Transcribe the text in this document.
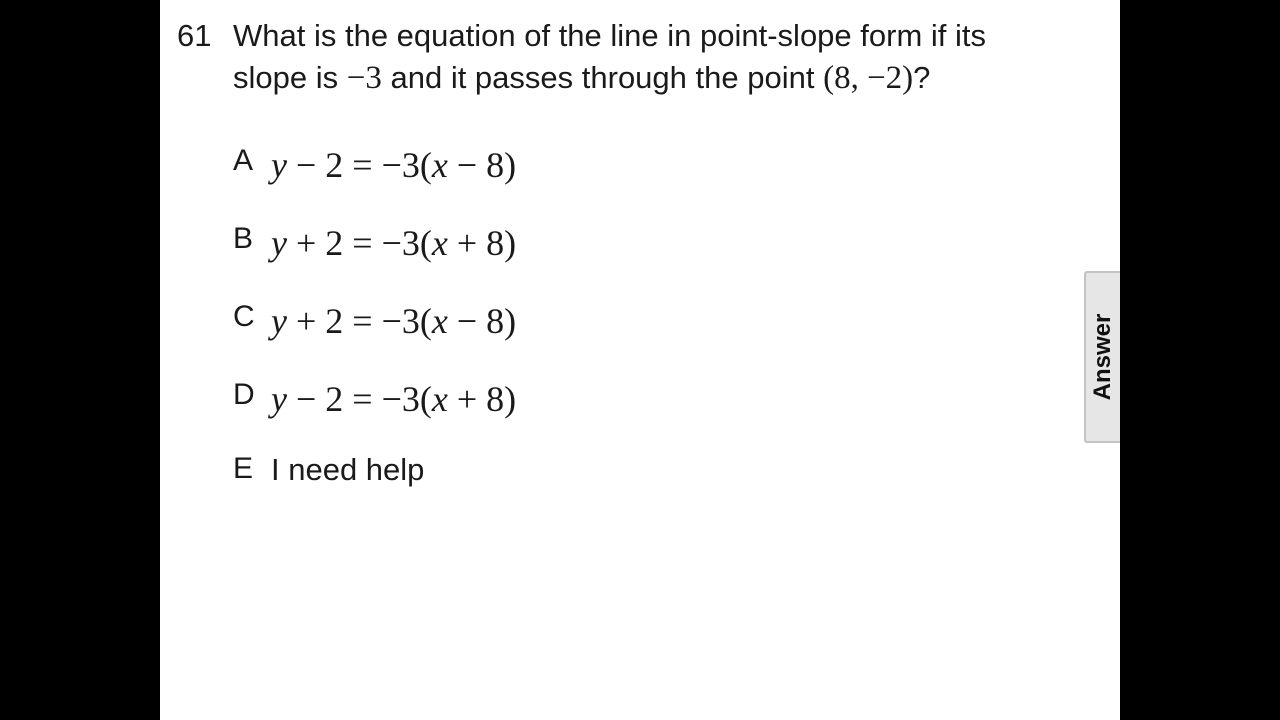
61 What is the equation of the line in point-slope form if its
slope is −3 and it passes through the point (8, −2)?
A y − 2 = −3(x − 8)
B y + 2 = −3(x + 8)
C y + 2 = −3(x − 8)
D y − 2 = −3(x + 8)
E I need help
Answer
